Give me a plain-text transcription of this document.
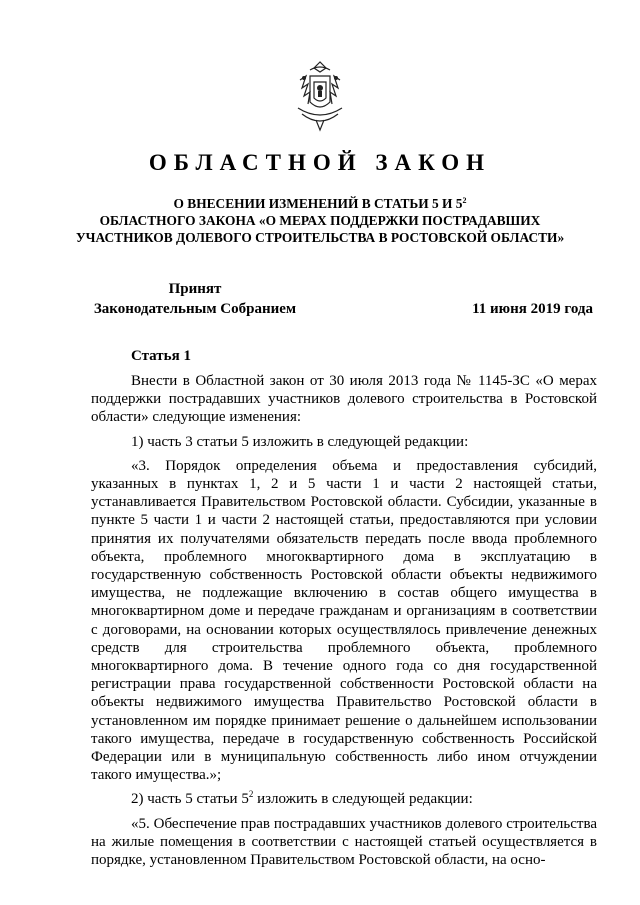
ОБЛАСТНОЙ ЗАКОН
О ВНЕСЕНИИ ИЗМЕНЕНИЙ В СТАТЬИ 5 И $5^2$
ОБЛАСТНОГО ЗАКОНА «О МЕРАХ ПОДДЕРЖКИ ПОСТРАДАВШИХ
УЧАСТНИКОВ ДОЛЕВОГО СТРОИТЕЛЬСТВА В РОСТОВСКОЙ ОБЛАСТИ»
Принят
Законодательным Собранием	11 июня 2019 года
Статья 1

Внести в Областной закон от 30 июля 2013 года № 1145-ЗС «О мерах поддержки пострадавших участников долевого строительства в Ростовской области» следующие изменения:

1) часть 3 статьи 5 изложить в следующей редакции:

«3. Порядок определения объема и предоставления субсидий, указанных в пунктах 1, 2 и 5 части 1 и части 2 настоящей статьи, устанавливается Правительством Ростовской области. Субсидии, указанные в пункте 5 части 1 и части 2 настоящей статьи, предоставляются при условии принятия их получателями обязательств передать после ввода проблемного объекта, проблемного многоквартирного дома в эксплуатацию в государственную собственность Ростовской области объекты недвижимого имущества, не подлежащие включению в состав общего имущества в многоквартирном доме и передаче гражданам и организациям в соответствии с договорами, на основании которых осуществлялось привлечение денежных средств для строительства проблемного объекта, проблемного многоквартирного дома. В течение одного года со дня государственной регистрации права государственной собственности Ростовской области на объекты недвижимого имущества Правительство Ростовской области в установленном им порядке принимает решение о дальнейшем использовании такого имущества, передаче в государственную собственность Российской Федерации или в муниципальную собственность либо ином отчуждении такого имущества.»;

2) часть 5 статьи $5^2$ изложить в следующей редакции:

«5. Обеспечение прав пострадавших участников долевого строительства на жилые помещения в соответствии с настоящей статьей осуществляется в порядке, установленном Правительством Ростовской области, на осно-
